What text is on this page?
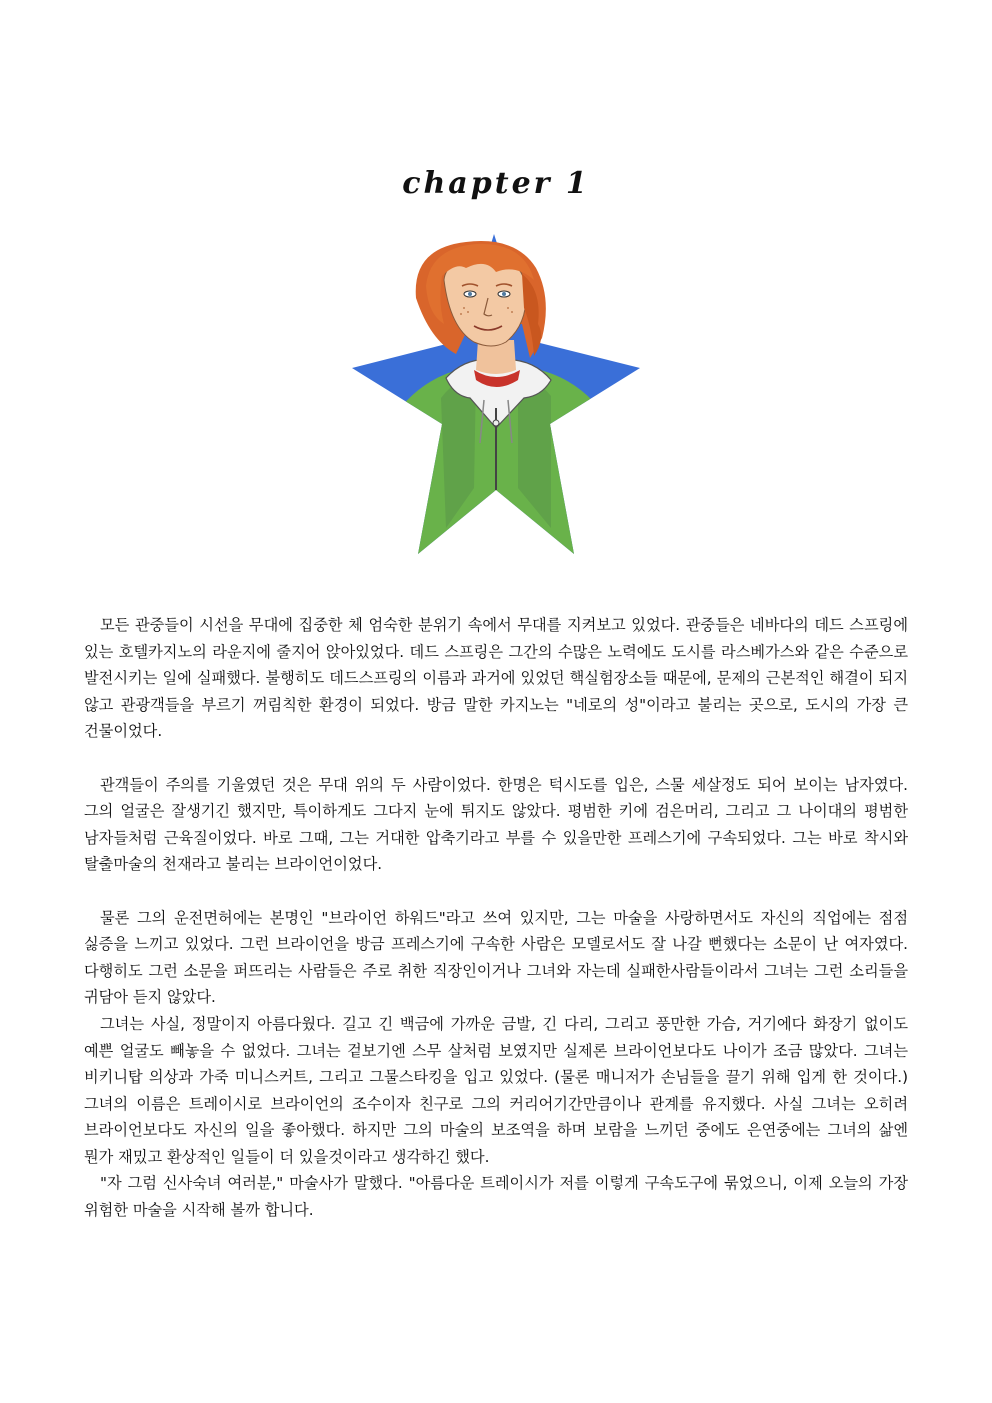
chapter 1

모든 관중들이 시선을 무대에 집중한 체 엄숙한 분위기 속에서 무대를 지켜보고 있었다. 관중들은 네바다의 데드 스프링에 있는 호텔카지노의 라운지에 줄지어 앉아있었다. 데드 스프링은 그간의 수많은 노력에도 도시를 라스베가스와 같은 수준으로 발전시키는 일에 실패했다. 불행히도 데드스프링의 이름과 과거에 있었던 핵실험장소들 때문에, 문제의 근본적인 해결이 되지 않고 관광객들을 부르기 꺼림칙한 환경이 되었다. 방금 말한 카지노는 "네로의 성"이라고 불리는 곳으로, 도시의 가장 큰 건물이었다.

관객들이 주의를 기울였던 것은 무대 위의 두 사람이었다. 한명은 턱시도를 입은, 스물 세살정도 되어 보이는 남자였다. 그의 얼굴은 잘생기긴 했지만, 특이하게도 그다지 눈에 튀지도 않았다. 평범한 키에 검은머리, 그리고 그 나이대의 평범한 남자들처럼 근육질이었다. 바로 그때, 그는 거대한 압축기라고 부를 수 있을만한 프레스기에 구속되었다. 그는 바로 착시와 탈출마술의 천재라고 불리는 브라이언이었다.

물론 그의 운전면허에는 본명인 "브라이언 하워드"라고 쓰여 있지만, 그는 마술을 사랑하면서도 자신의 직업에는 점점 싫증을 느끼고 있었다. 그런 브라이언을 방금 프레스기에 구속한 사람은 모델로서도 잘 나갈 뻔했다는 소문이 난 여자였다. 다행히도 그런 소문을 퍼뜨리는 사람들은 주로 취한 직장인이거나 그녀와 자는데 실패한사람들이라서 그녀는 그런 소리들을 귀담아 듣지 않았다.

그녀는 사실, 정말이지 아름다웠다. 길고 긴 백금에 가까운 금발, 긴 다리, 그리고 풍만한 가슴, 거기에다 화장기 없이도 예쁜 얼굴도 빼놓을 수 없었다. 그녀는 겉보기엔 스무 살처럼 보였지만 실제론 브라이언보다도 나이가 조금 많았다. 그녀는 비키니탑 의상과 가죽 미니스커트, 그리고 그물스타킹을 입고 있었다. (물론 매니저가 손님들을 끌기 위해 입게 한 것이다.) 그녀의 이름은 트레이시로 브라이언의 조수이자 친구로 그의 커리어기간만큼이나 관계를 유지했다. 사실 그녀는 오히려 브라이언보다도 자신의 일을 좋아했다. 하지만 그의 마술의 보조역을 하며 보람을 느끼던 중에도 은연중에는 그녀의 삶엔 뭔가 재밌고 환상적인 일들이 더 있을것이라고 생각하긴 했다.

"자 그럼 신사숙녀 여러분," 마술사가 말했다. "아름다운 트레이시가 저를 이렇게 구속도구에 묶었으니, 이제 오늘의 가장 위험한 마술을 시작해 볼까 합니다.
